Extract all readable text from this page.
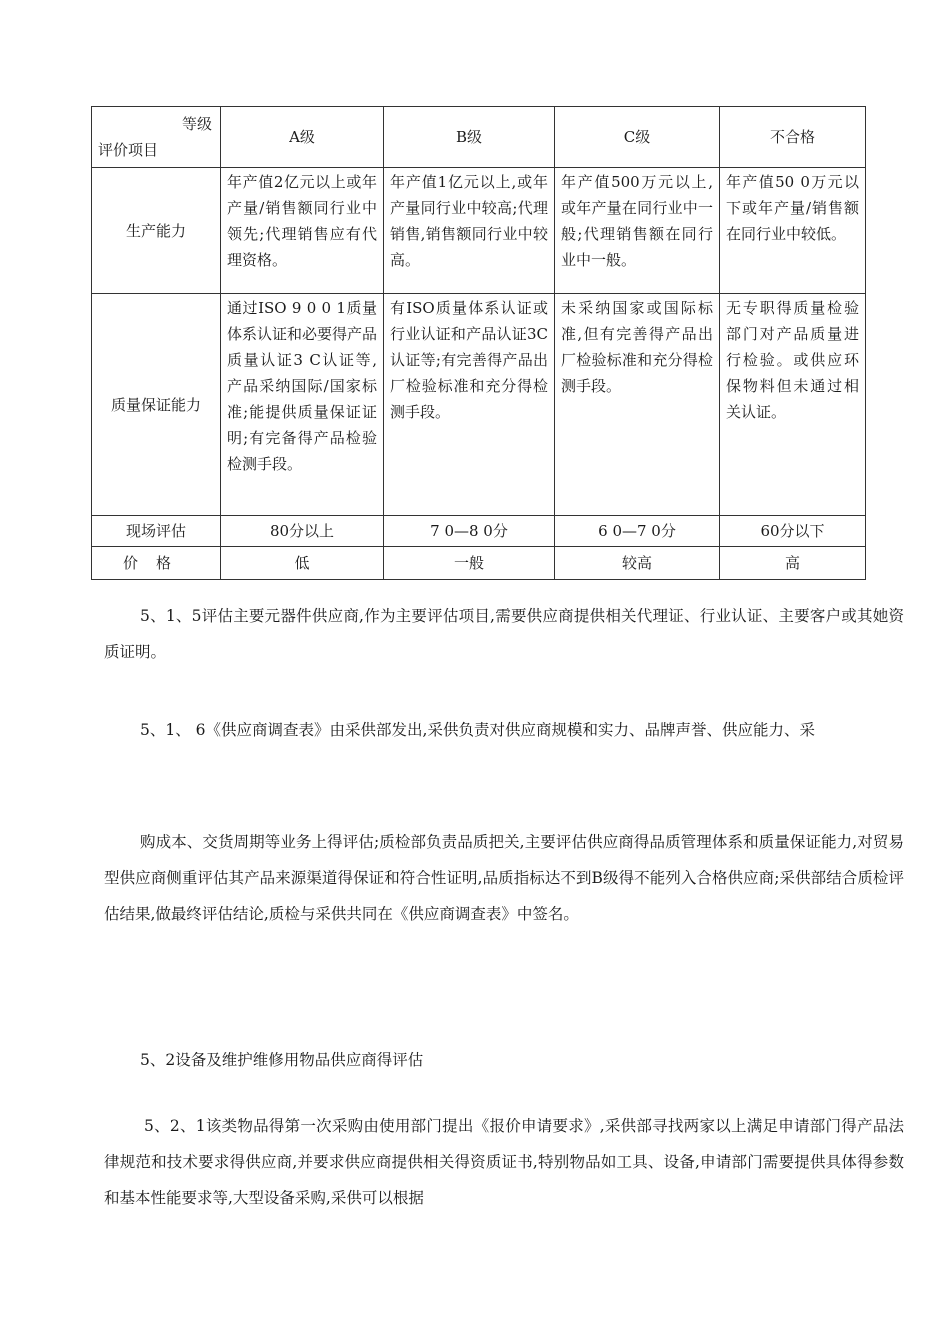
等级
评价项目	A级	B级	C级	不合格
生产能力	年产值2亿元以上或年产量/销售额同行业中领先;代理销售应有代理资格。	年产值1亿元以上,或年产量同行业中较高;代理销售,销售额同行业中较高。	年产值500万元以上,或年产量在同行业中一般;代理销售额在同行业中一般。	年产值50 0万元以下或年产量/销售额在同行业中较低。
质量保证能力	通过ISO 9 0 0 1质量体系认证和必要得产品质量认证3 C认证等,产品采纳国际/国家标准;能提供质量保证证明;有完备得产品检验检测手段。	有ISO质量体系认证或行业认证和产品认证3C认证等;有完善得产品出厂检验标准和充分得检测手段。	未采纳国家或国际标准,但有完善得产品出厂检验标准和充分得检测手段。	无专职得质量检验部门对产品质量进行检验。或供应环保物料但未通过相关认证。
现场评估	80分以上	7 0—8 0分	6 0—7 0分	60分以下
价格	低	一般	较高	高

5、1、5评估主要元器件供应商,作为主要评估项目,需要供应商提供相关代理证、行业认证、主要客户或其她资质证明。

5、1、 6《供应商调查表》由采供部发出,采供负责对供应商规模和实力、品牌声誉、供应能力、采

购成本、交货周期等业务上得评估;质检部负责品质把关,主要评估供应商得品质管理体系和质量保证能力,对贸易型供应商侧重评估其产品来源渠道得保证和符合性证明,品质指标达不到B级得不能列入合格供应商;采供部结合质检评估结果,做最终评估结论,质检与采供共同在《供应商调查表》中签名。

5、2设备及维护维修用物品供应商得评估

5、2、1该类物品得第一次采购由使用部门提出《报价申请要求》,采供部寻找两家以上满足申请部门得产品法律规范和技术要求得供应商,并要求供应商提供相关得资质证书,特别物品如工具、设备,申请部门需要提供具体得参数和基本性能要求等,大型设备采购,采供可以根据
